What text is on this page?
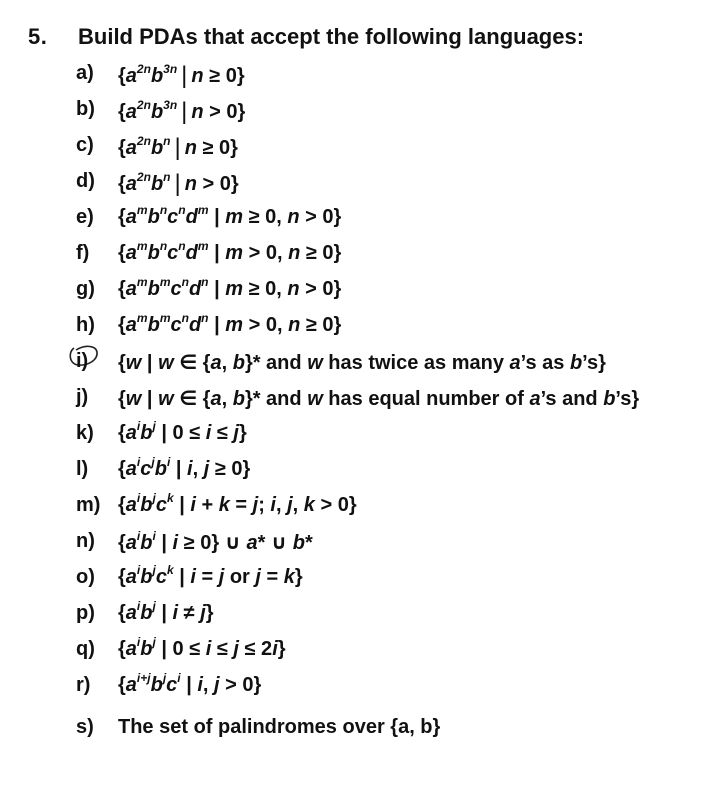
5. Build PDAs that accept the following languages:
a) {$a^{2n}b^{3n}$ | n ≥ 0}
b) {$a^{2n}b^{3n}$ | n > 0}
c) {$a^{2n}b^n$ | n ≥ 0}
d) {$a^{2n}b^n$ | n > 0}
e) {$a^mb^nc^nd^m$ | m ≥ 0, n > 0}
f) {$a^mb^nc^nd^m$ | m > 0, n ≥ 0}
g) {$a^mb^mc^nd^n$ | m ≥ 0, n > 0}
h) {$a^mb^mc^nd^n$ | m > 0, n ≥ 0}
i) {w | w ∈ {a, b}* and w has twice as many a’s as b’s}
j) {w | w ∈ {a, b}* and w has equal number of a’s and b’s}
k) {$a^ib^j$ | 0 ≤ i ≤ j}
l) {$a^ic^jb^i$ | i, j ≥ 0}
m) {$a^ib^jc^k$ | i + k = j; i, j, k > 0}
n) {$a^ib^i$ | i ≥ 0} ∪ a* ∪ b*
o) {$a^ib^jc^k$ | i = j or j = k}
p) {$a^ib^j$ | i ≠ j}
q) {$a^ib^j$ | 0 ≤ i ≤ j ≤ 2i}
r) {$a^{i+j}b^jc^i$ | i, j > 0}
s) The set of palindromes over {a, b}
